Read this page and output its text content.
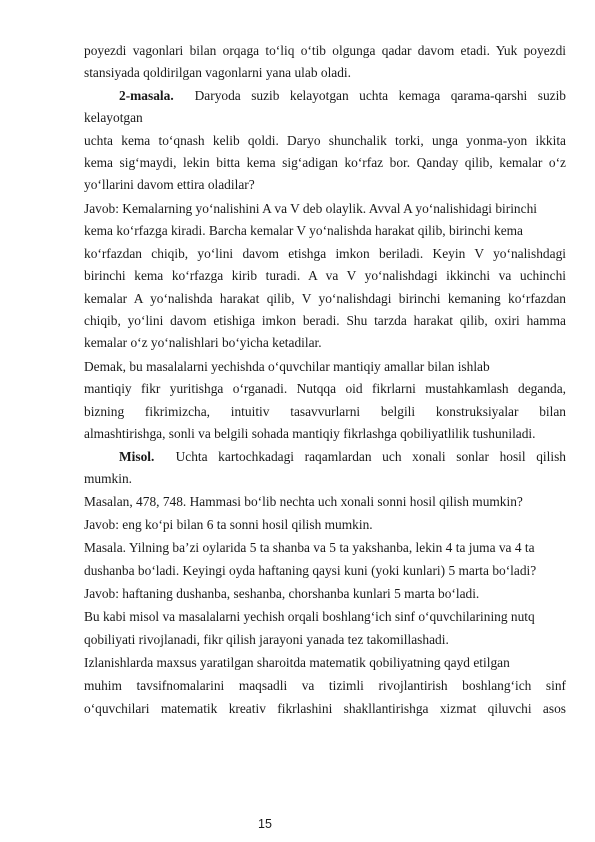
poyezdi vagonlari bilan orqaga to‘liq o‘tib olgunga qadar davom etadi. Yuk poyezdi
stansiyada qoldirilgan vagonlarni yana ulab oladi.
2-masala. Daryoda suzib kelayotgan uchta kemaga qarama-qarshi suzib
kelayotgan
uchta kema to‘qnash kelib qoldi. Daryo shunchalik torki, unga yonma-yon ikkita
kema sig‘maydi, lekin bitta kema sig‘adigan ko‘rfaz bor. Qanday qilib, kemalar o‘z
yo‘llarini davom ettira oladilar?
Javob: Kemalarning yo‘nalishini A va V deb olaylik. Avval A yo‘nalishidagi birinchi
kema ko‘rfazga kiradi. Barcha kemalar V yo‘nalishda harakat qilib, birinchi kema
ko‘rfazdan chiqib, yo‘lini davom etishga imkon beriladi. Keyin V yo‘nalishdagi
birinchi kema ko‘rfazga kirib turadi. A va V yo‘nalishdagi ikkinchi va uchinchi
kemalar A yo‘nalishda harakat qilib, V yo‘nalishdagi birinchi kemaning ko‘rfazdan
chiqib, yo‘lini davom etishiga imkon beradi. Shu tarzda harakat qilib, oxiri hamma
kemalar o‘z yo‘nalishlari bo‘yicha ketadilar.
Demak, bu masalalarni yechishda o‘quvchilar mantiqiy amallar bilan ishlab
mantiqiy fikr yuritishga o‘rganadi. Nutqqa oid fikrlarni mustahkamlash deganda,
bizning fikrimizcha, intuitiv tasavvurlarni belgili konstruksiyalar bilan
almashtirishga, sonli va belgili sohada mantiqiy fikrlashga qobiliyatlilik tushuniladi.
Misol. Uchta kartochkadagi raqamlardan uch xonali sonlar hosil qilish
mumkin.
Masalan, 478, 748. Hammasi bo‘lib nechta uch xonali sonni hosil qilish mumkin?
Javob: eng ko‘pi bilan 6 ta sonni hosil qilish mumkin.
Masala. Yilning ba’zi oylarida 5 ta shanba va 5 ta yakshanba, lekin 4 ta juma va 4 ta
dushanba bo‘ladi. Keyingi oyda haftaning qaysi kuni (yoki kunlari) 5 marta bo‘ladi?
Javob: haftaning dushanba, seshanba, chorshanba kunlari 5 marta bo‘ladi.
Bu kabi misol va masalalarni yechish orqali boshlang‘ich sinf o‘quvchilarining nutq
qobiliyati rivojlanadi, fikr qilish jarayoni yanada tez takomillashadi.
Izlanishlarda maxsus yaratilgan sharoitda matematik qobiliyatning qayd etilgan
muhim tavsifnomalarini maqsadli va tizimli rivojlantirish boshlang‘ich sinf
o‘quvchilari matematik kreativ fikrlashini shakllantirishga xizmat qiluvchi asos
15
